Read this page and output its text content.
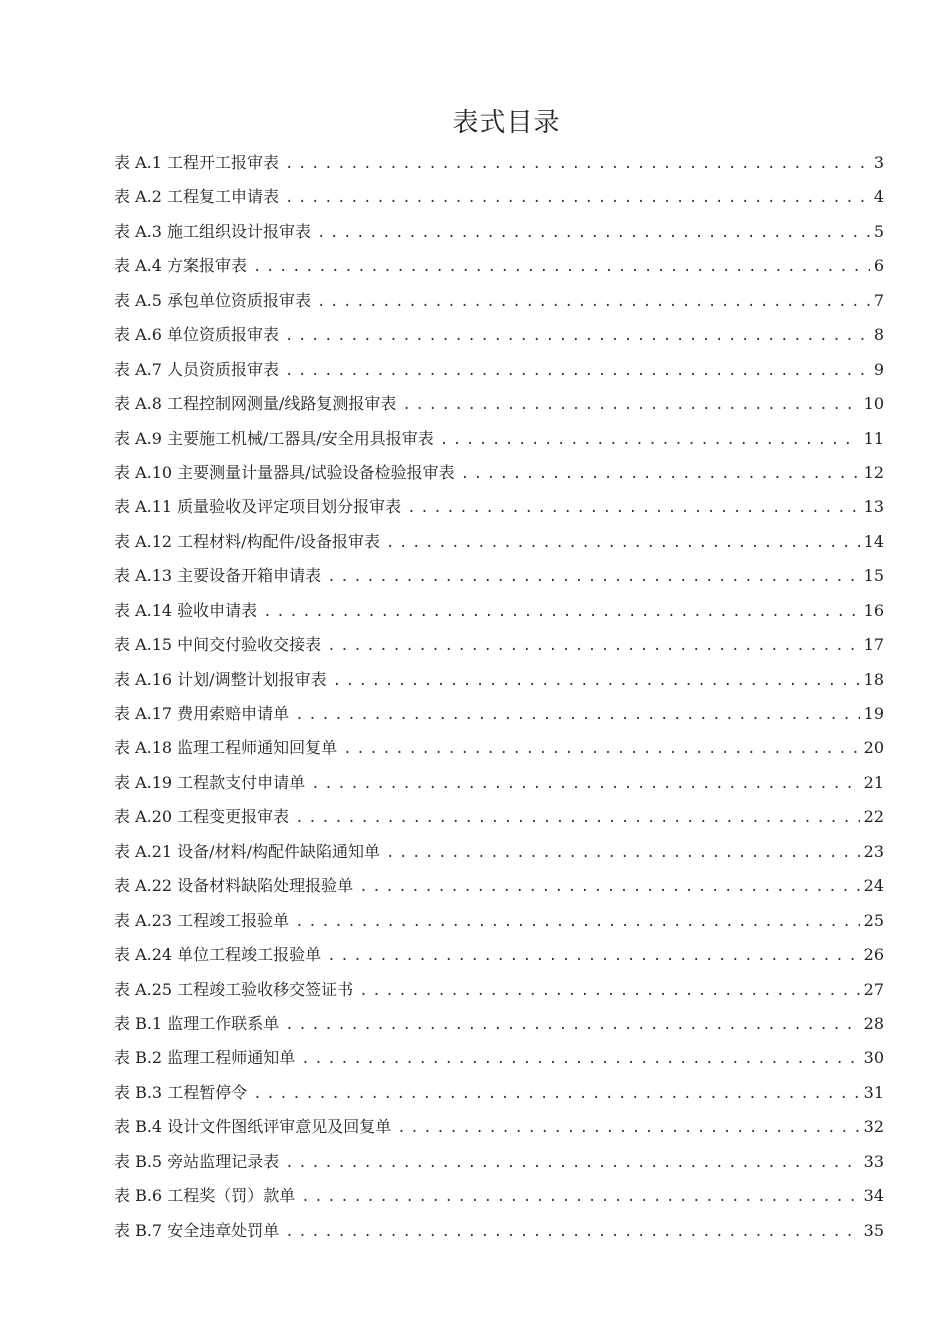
表式目录
表 A.1 工程开工报审表 .....	3
表 A.2 工程复工申请表 .....	4
表 A.3 施工组织设计报审表 .....	5
表 A.4 方案报审表 .....	6
表 A.5 承包单位资质报审表 .....	7
表 A.6 单位资质报审表 .....	8
表 A.7 人员资质报审表 .....	9
表 A.8 工程控制网测量/线路复测报审表 .....	10
表 A.9 主要施工机械/工器具/安全用具报审表 .....	11
表 A.10 主要测量计量器具/试验设备检验报审表 .....	12
表 A.11 质量验收及评定项目划分报审表 .....	13
表 A.12 工程材料/构配件/设备报审表 .....	14
表 A.13 主要设备开箱申请表 .....	15
表 A.14 验收申请表 .....	16
表 A.15 中间交付验收交接表 .....	17
表 A.16 计划/调整计划报审表 .....	18
表 A.17 费用索赔申请单 .....	19
表 A.18 监理工程师通知回复单 .....	20
表 A.19 工程款支付申请单 .....	21
表 A.20 工程变更报审表 .....	22
表 A.21 设备/材料/构配件缺陷通知单 .....	23
表 A.22 设备材料缺陷处理报验单 .....	24
表 A.23 工程竣工报验单 .....	25
表 A.24 单位工程竣工报验单 .....	26
表 A.25 工程竣工验收移交签证书 .....	27
表 B.1 监理工作联系单 .....	28
表 B.2 监理工程师通知单 .....	30
表 B.3 工程暂停令 .....	31
表 B.4 设计文件图纸评审意见及回复单 .....	32
表 B.5 旁站监理记录表 .....	33
表 B.6 工程奖（罚）款单 .....	34
表 B.7 安全违章处罚单 .....	35
